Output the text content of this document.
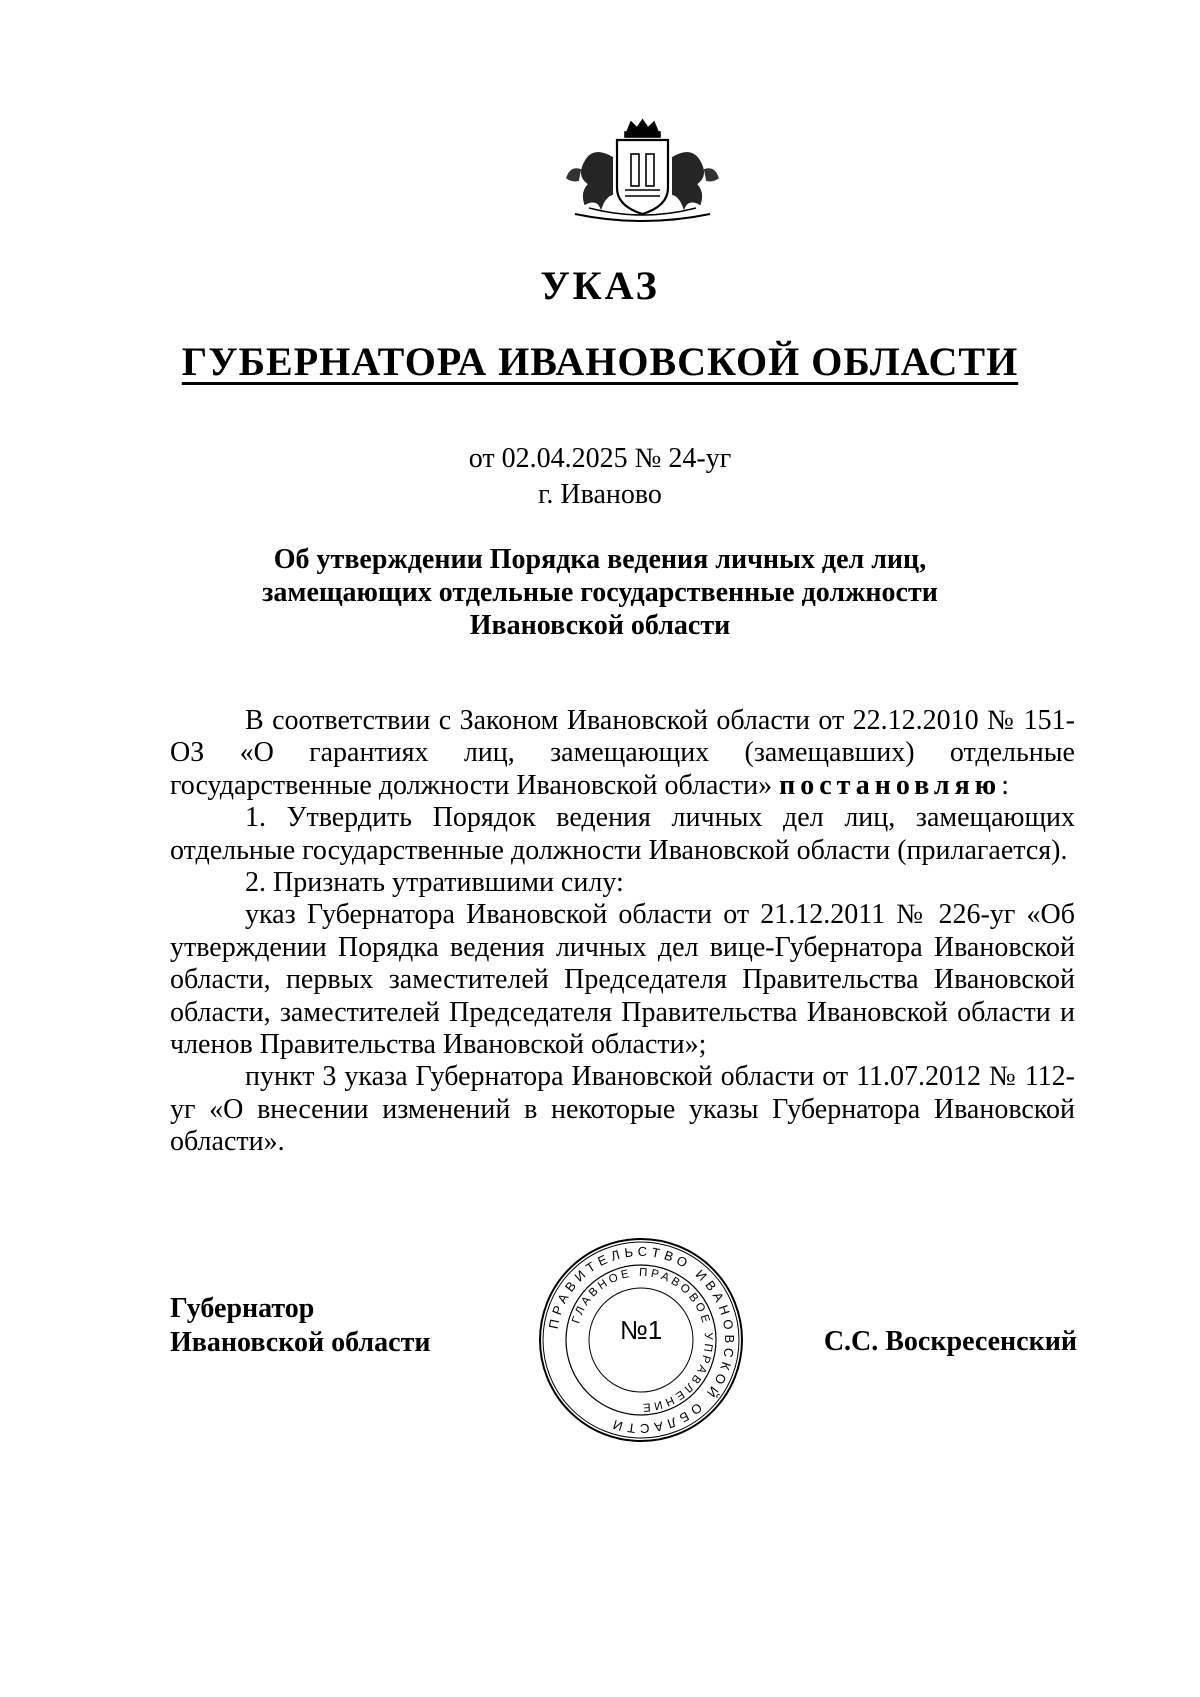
УКАЗ
ГУБЕРНАТОРА ИВАНОВСКОЙ ОБЛАСТИ
от 02.04.2025 № 24-уг
г. Иваново
Об утверждении Порядка ведения личных дел лиц,
замещающих отдельные государственные должности
Ивановской области

В соответствии с Законом Ивановской области от 22.12.2010 № 151-ОЗ «О гарантиях лиц, замещающих (замещавших) отдельные государственные должности Ивановской области» постановляю:

1. Утвердить Порядок ведения личных дел лиц, замещающих отдельные государственные должности Ивановской области (прилагается).

2. Признать утратившими силу:

указ Губернатора Ивановской области от 21.12.2011 № 226-уг «Об утверждении Порядка ведения личных дел вице-Губернатора Ивановской области, первых заместителей Председателя Правительства Ивановской области, заместителей Председателя Правительства Ивановской области и членов Правительства Ивановской области»;

пункт 3 указа Губернатора Ивановской области от 11.07.2012 № 112-уг «О внесении изменений в некоторые указы Губернатора Ивановской области».

Губернатор
Ивановской области
ПРАВИТЕЛЬСТВО ИВАНОВСКОЙ ОБЛАСТИ
ГЛАВНОЕ ПРАВОВОЕ УПРАВЛЕНИЕ
№1	С.С. Воскресенский
